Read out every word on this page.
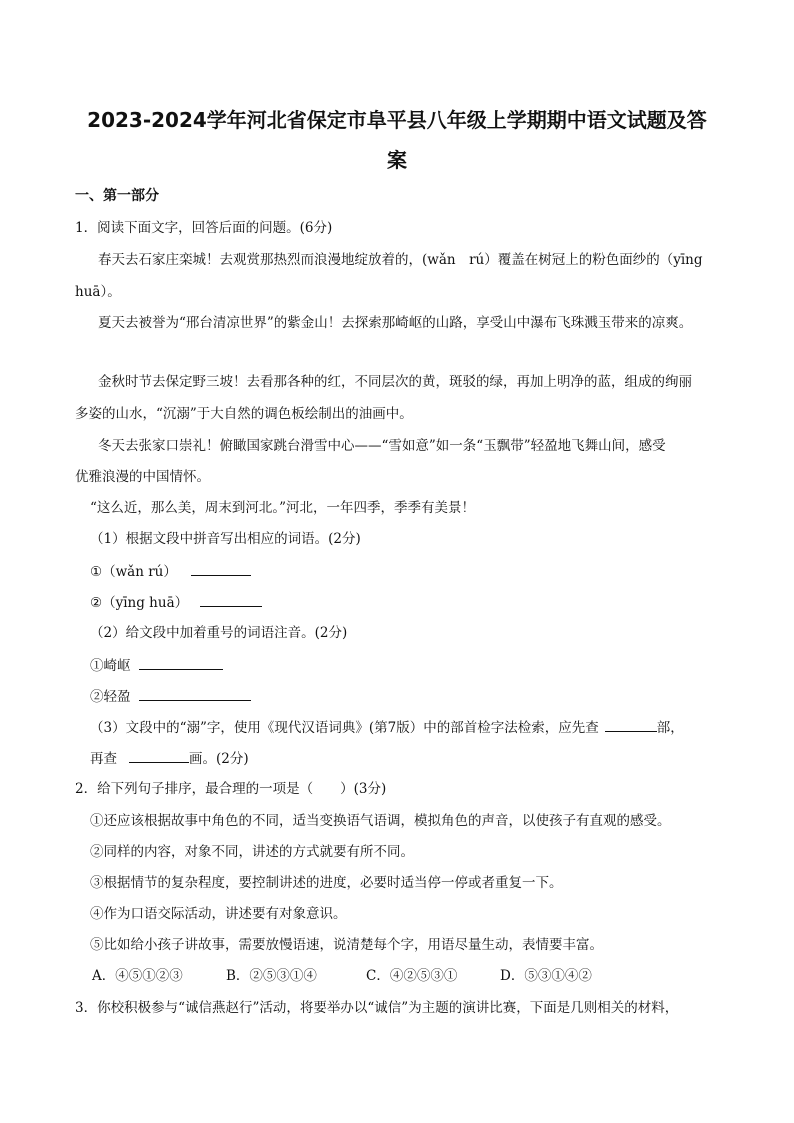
2023-2024学年河北省保定市阜平县八年级上学期期中语文试题及答
案
一、第一部分
1．阅读下面文字，回答后面的问题。(6分)
春天去石家庄栾城！去观赏那热烈而浪漫地绽放着的，(wǎn　rú）覆盖在树冠上的粉色面纱的（yīng
huā）。
夏天去被誉为“邢台清凉世界”的紫金山！去探索那崎岖的山路，享受山中瀑布飞珠溅玉带来的凉爽。
金秋时节去保定野三坡！去看那各种的红，不同层次的黄，斑驳的绿，再加上明净的蓝，组成的绚丽
多姿的山水，“沉溺”于大自然的调色板绘制出的油画中。
冬天去张家口崇礼！俯瞰国家跳台滑雪中心——“雪如意”如一条“玉飘带”轻盈地飞舞山间，感受
优雅浪漫的中国情怀。
“这么近，那么美，周末到河北。”河北，一年四季，季季有美景！
（1）根据文段中拼音写出相应的词语。(2分)
①（wǎn rú）
②（yīng huā）
（2）给文段中加着重号的词语注音。(2分)
①崎岖
②轻盈
（3）文段中的“溺”字，使用《现代汉语词典》(第7版）中的部首检字法检索，应先查	部，
再查	画。(2分)
2．给下列句子排序，最合理的一项是（　　）(3分)
①还应该根据故事中角色的不同，适当变换语气语调，模拟角色的声音，以使孩子有直观的感受。
②同样的内容，对象不同，讲述的方式就要有所不同。
③根据情节的复杂程度，要控制讲述的进度，必要时适当停一停或者重复一下。
④作为口语交际活动，讲述要有对象意识。
⑤比如给小孩子讲故事，需要放慢语速，说清楚每个字，用语尽量生动，表情要丰富。
A．④⑤①②③	B．②⑤③①④	C．④②⑤③①	D．⑤③①④②
3．你校积极参与“诚信燕赵行”活动，将要举办以“诚信”为主题的演讲比赛，下面是几则相关的材料，
